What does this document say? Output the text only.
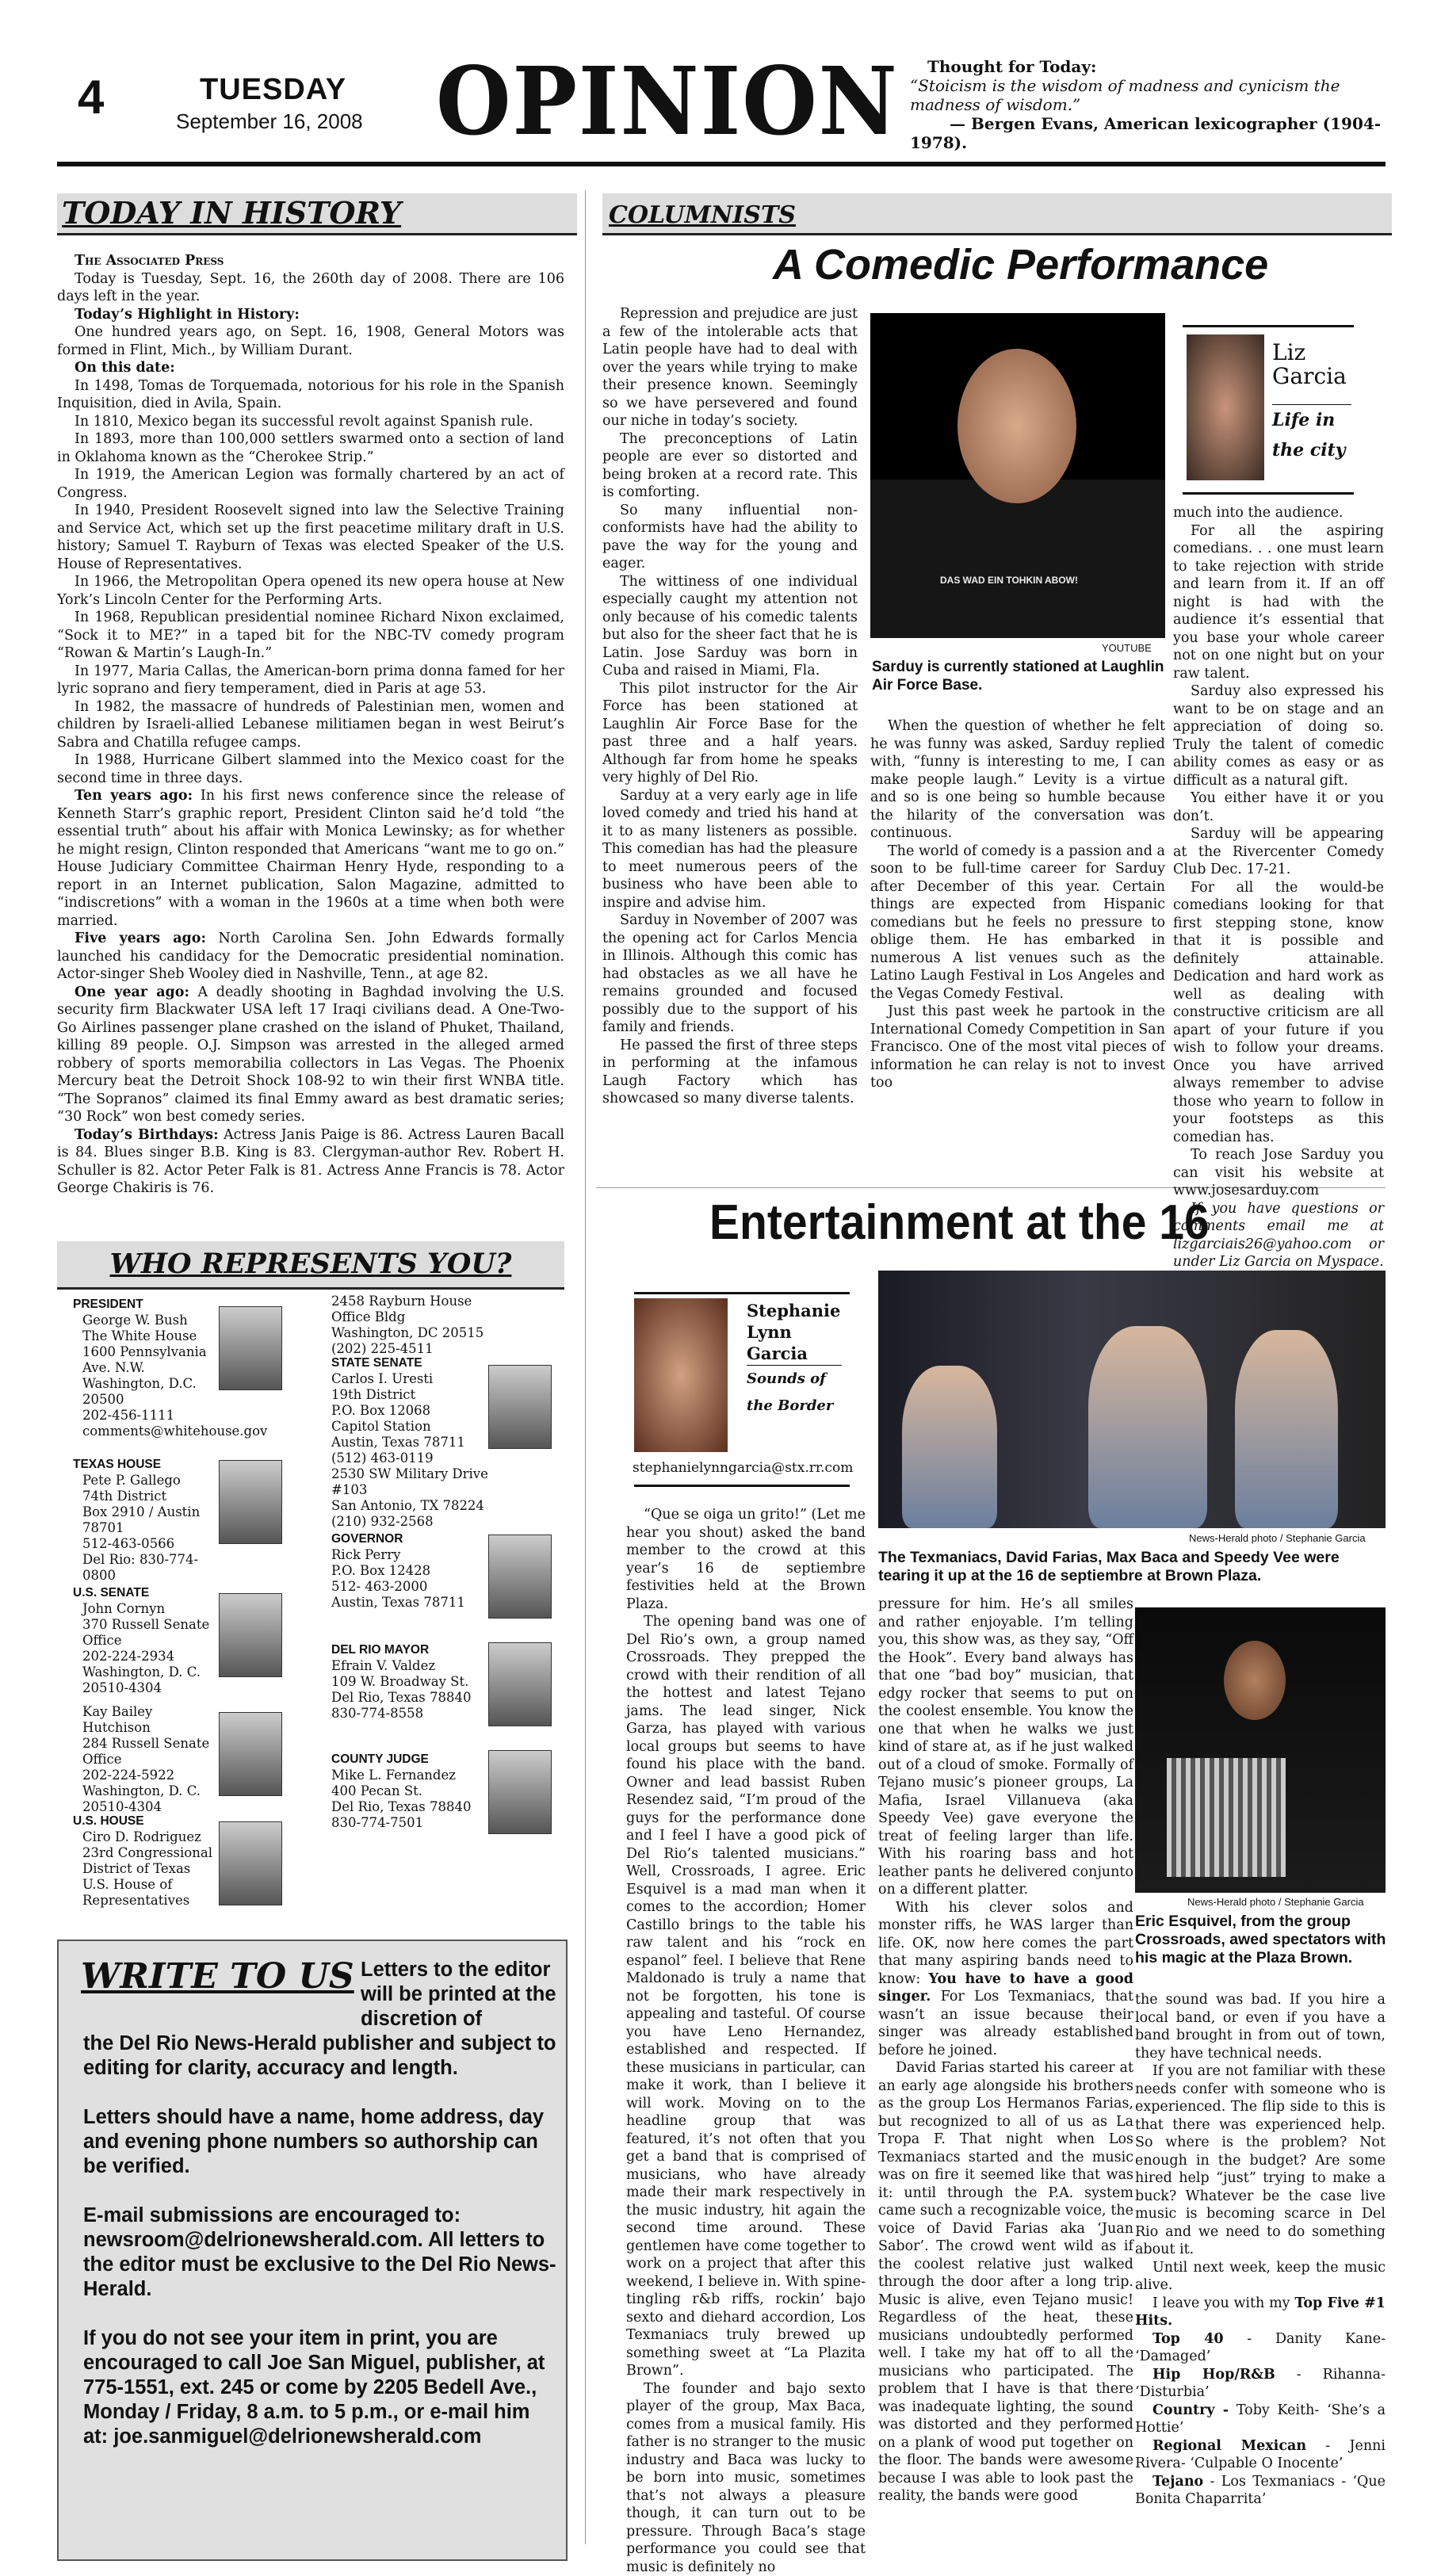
4	TUESDAY
September 16, 2008 OPINION Thought for Today:
“Stoicism is the wisdom of madness and cynicism the madness of wisdom.”
— Bergen Evans, American lexicographer (1904-1978).
TODAY IN HISTORY

The Associated Press

Today is Tuesday, Sept. 16, the 260th day of 2008. There are 106 days left in the year.

Today’s Highlight in History:

One hundred years ago, on Sept. 16, 1908, General Motors was formed in Flint, Mich., by William Durant.

On this date:

In 1498, Tomas de Torquemada, notorious for his role in the Spanish Inquisition, died in Avila, Spain.

In 1810, Mexico began its successful revolt against Spanish rule.

In 1893, more than 100,000 settlers swarmed onto a section of land in Oklahoma known as the “Cherokee Strip.”

In 1919, the American Legion was formally chartered by an act of Congress.

In 1940, President Roosevelt signed into law the Selective Training and Service Act, which set up the first peacetime military draft in U.S. history; Samuel T. Rayburn of Texas was elected Speaker of the U.S. House of Representatives.

In 1966, the Metropolitan Opera opened its new opera house at New York’s Lincoln Center for the Performing Arts.

In 1968, Republican presidential nominee Richard Nixon exclaimed, “Sock it to ME?” in a taped bit for the NBC-TV comedy program “Rowan & Martin’s Laugh-In.”

In 1977, Maria Callas, the American-born prima donna famed for her lyric soprano and fiery temperament, died in Paris at age 53.

In 1982, the massacre of hundreds of Palestinian men, women and children by Israeli-allied Lebanese militiamen began in west Beirut’s Sabra and Chatilla refugee camps.

In 1988, Hurricane Gilbert slammed into the Mexico coast for the second time in three days.

Ten years ago: In his first news conference since the release of Kenneth Starr’s graphic report, President Clinton said he’d told “the essential truth” about his affair with Monica Lewinsky; as for whether he might resign, Clinton responded that Americans “want me to go on.” House Judiciary Committee Chairman Henry Hyde, responding to a report in an Internet publication, Salon Magazine, admitted to “indiscretions” with a woman in the 1960s at a time when both were married.

Five years ago: North Carolina Sen. John Edwards formally launched his candidacy for the Democratic presidential nomination. Actor-singer Sheb Wooley died in Nashville, Tenn., at age 82.

One year ago: A deadly shooting in Baghdad involving the U.S. security firm Blackwater USA left 17 Iraqi civilians dead. A One-Two-Go Airlines passenger plane crashed on the island of Phuket, Thailand, killing 89 people. O.J. Simpson was arrested in the alleged armed robbery of sports memorabilia collectors in Las Vegas. The Phoenix Mercury beat the Detroit Shock 108-92 to win their first WNBA title. “The Sopranos” claimed its final Emmy award as best dramatic series; “30 Rock” won best comedy series.

Today’s Birthdays: Actress Janis Paige is 86. Actress Lauren Bacall is 84. Blues singer B.B. King is 83. Clergyman-author Rev. Robert H. Schuller is 82. Actor Peter Falk is 81. Actress Anne Francis is 78. Actor George Chakiris is 76.

WHO REPRESENTS YOU?
PRESIDENT
George W. Bush
The White House
1600 Pennsylvania Ave. N.W.
Washington, D.C. 20500
202-456-1111
comments@whitehouse.gov
TEXAS HOUSE
Pete P. Gallego
74th District
Box 2910 / Austin 78701
512-463-0566
Del Rio: 830-774-0800
U.S. SENATE
John Cornyn
370 Russell Senate Office
202-224-2934
Washington, D. C. 20510-4304
Kay Bailey Hutchison
284 Russell Senate Office
202-224-5922
Washington, D. C. 20510-4304
U.S. HOUSE
Ciro D. Rodriguez
23rd Congressional District of Texas
U.S. House of Representatives
2458 Rayburn House Office Bldg
Washington, DC 20515
(202) 225-4511
STATE SENATE
Carlos I. Uresti
19th District
P.O. Box 12068
Capitol Station
Austin, Texas 78711
(512) 463-0119
2530 SW Military Drive #103
San Antonio, TX 78224
(210) 932-2568
GOVERNOR
Rick Perry
P.O. Box 12428
512- 463-2000
Austin, Texas 78711
DEL RIO MAYOR
Efrain V. Valdez
109 W. Broadway St.
Del Rio, Texas 78840
830-774-8558
COUNTY JUDGE
Mike L. Fernandez
400 Pecan St.
Del Rio, Texas 78840
830-774-7501
WRITE TO US Letters to the editor will be printed at the discretion of

the Del Rio News-Herald publisher and subject to editing for clarity, accuracy and length.

Letters should have a name, home address, day and evening phone numbers so authorship can be verified.

E-mail submissions are encouraged to: newsroom@delrionewsherald.com. All letters to the editor must be exclusive to the Del Rio News-Herald.

If you do not see your item in print, you are encouraged to call Joe San Miguel, publisher, at 775-1551, ext. 245 or come by 2205 Bedell Ave., Monday / Friday, 8 a.m. to 5 p.m., or e-mail him at: joe.sanmiguel@delrionewsherald.com

COLUMNISTS
A Comedic Performance

Repression and prejudice are just a few of the intolerable acts that Latin people have had to deal with over the years while trying to make their presence known. Seemingly so we have persevered and found our niche in today’s society.

The preconceptions of Latin people are ever so distorted and being broken at a record rate. This is comforting.

So many influential non-conformists have had the ability to pave the way for the young and eager.

The wittiness of one individual especially caught my attention not only because of his comedic talents but also for the sheer fact that he is Latin. Jose Sarduy was born in Cuba and raised in Miami, Fla.

This pilot instructor for the Air Force has been stationed at Laughlin Air Force Base for the past three and a half years. Although far from home he speaks very highly of Del Rio.

Sarduy at a very early age in life loved comedy and tried his hand at it to as many listeners as possible. This comedian has had the pleasure to meet numerous peers of the business who have been able to inspire and advise him.

Sarduy in November of 2007 was the opening act for Carlos Mencia in Illinois. Although this comic has had obstacles as we all have he remains grounded and focused possibly due to the support of his family and friends.

He passed the first of three steps in performing at the infamous Laugh Factory which has showcased so many diverse talents.

DAS WAD EIN TOHKIN ABOW!
YOUTUBE
Sarduy is currently stationed at Laughlin Air Force Base.

When the question of whether he felt he was funny was asked, Sarduy replied with, “funny is interesting to me, I can make people laugh.” Levity is a virtue and so is one being so humble because the hilarity of the conversation was continuous.

The world of comedy is a passion and a soon to be full-time career for Sarduy after December of this year. Certain things are expected from Hispanic comedians but he feels no pressure to oblige them. He has embarked in numerous A list venues such as the Latino Laugh Festival in Los Angeles and the Vegas Comedy Festival.

Just this past week he partook in the International Comedy Competition in San Francisco. One of the most vital pieces of information he can relay is not to invest too

Liz Garcia
Life in the city

much into the audience.

For all the aspiring comedians. . . one must learn to take rejection with stride and learn from it. If an off night is had with the audience it’s essential that you base your whole career not on one night but on your raw talent.

Sarduy also expressed his want to be on stage and an appreciation of doing so. Truly the talent of comedic ability comes as easy or as difficult as a natural gift.

You either have it or you don’t.

Sarduy will be appearing at the Rivercenter Comedy Club Dec. 17-21.

For all the would-be comedians looking for that first stepping stone, know that it is possible and definitely attainable. Dedication and hard work as well as dealing with constructive criticism are all apart of your future if you wish to follow your dreams. Once you have arrived always remember to advise those who yearn to follow in your footsteps as this comedian has.

To reach Jose Sarduy you can visit his website at www.josesarduy.com

If you have questions or comments email me at lizgarciais26@yahoo.com or under Liz Garcia on Myspace.

Entertainment at the 16
Stephanie Lynn Garcia
Sounds of the Border
stephanielynngarcia@stx.rr.com
News-Herald photo / Stephanie Garcia
The Texmaniacs, David Farias, Max Baca and Speedy Vee were tearing it up at the 16 de septiembre at Brown Plaza.

“Que se oiga un grito!” (Let me hear you shout) asked the band member to the crowd at this year’s 16 de septiembre festivities held at the Brown Plaza.

The opening band was one of Del Rio’s own, a group named Crossroads. They prepped the crowd with their rendition of all the hottest and latest Tejano jams. The lead singer, Nick Garza, has played with various local groups but seems to have found his place with the band. Owner and lead bassist Ruben Resendez said, “I’m proud of the guys for the performance done and I feel I have a good pick of Del Rio’s talented musicians.” Well, Crossroads, I agree. Eric Esquivel is a mad man when it comes to the accordion; Homer Castillo brings to the table his raw talent and his “rock en espanol” feel. I believe that Rene Maldonado is truly a name that not be forgotten, his tone is appealing and tasteful. Of course you have Leno Hernandez, established and respected. If these musicians in particular, can make it work, than I believe it will work. Moving on to the headline group that was featured, it’s not often that you get a band that is comprised of musicians, who have already made their mark respectively in the music industry, hit again the second time around. These gentlemen have come together to work on a project that after this weekend, I believe in. With spine-tingling r&b riffs, rockin’ bajo sexto and diehard accordion, Los Texmaniacs truly brewed up something sweet at “La Plazita Brown”.

The founder and bajo sexto player of the group, Max Baca, comes from a musical family. His father is no stranger to the music industry and Baca was lucky to be born into music, sometimes that’s not always a pleasure though, it can turn out to be pressure. Through Baca’s stage performance you could see that music is definitely no

pressure for him. He’s all smiles and rather enjoyable. I’m telling you, this show was, as they say, “Off the Hook”. Every band always has that one “bad boy” musician, that edgy rocker that seems to put on the coolest ensemble. You know the one that when he walks we just kind of stare at, as if he just walked out of a cloud of smoke. Formally of Tejano music’s pioneer groups, La Mafia, Israel Villanueva (aka Speedy Vee) gave everyone the treat of feeling larger than life. With his roaring bass and hot leather pants he delivered conjunto on a different platter.

With his clever solos and monster riffs, he WAS larger than life. OK, now here comes the part that many aspiring bands need to know: You have to have a good singer. For Los Texmaniacs, that wasn’t an issue because their singer was already established before he joined.

David Farias started his career at an early age alongside his brothers as the group Los Hermanos Farias, but recognized to all of us as La Tropa F. That night when Los Texmaniacs started and the music was on fire it seemed like that was it: until through the P.A. system came such a recognizable voice, the voice of David Farias aka ‘Juan Sabor’. The crowd went wild as if the coolest relative just walked through the door after a long trip. Music is alive, even Tejano music! Regardless of the heat, these musicians undoubtedly performed well. I take my hat off to all the musicians who participated. The problem that I have is that there was inadequate lighting, the sound was distorted and they performed on a plank of wood put together on the floor. The bands were awesome because I was able to look past the reality, the bands were good

News-Herald photo / Stephanie Garcia
Eric Esquivel, from the group Crossroads, awed spectators with his magic at the Plaza Brown.

the sound was bad. If you hire a local band, or even if you have a band brought in from out of town, they have technical needs.

If you are not familiar with these needs confer with someone who is experienced. The flip side to this is that there was experienced help. So where is the problem? Not enough in the budget? Are some hired help “just” trying to make a buck? Whatever be the case live music is becoming scarce in Del Rio and we need to do something about it.

Until next week, keep the music alive.

I leave you with my Top Five #1 Hits.

Top 40 - Danity Kane- ‘Damaged’

Hip Hop/R&B - Rihanna- ‘Disturbia’

Country - Toby Keith- ‘She’s a Hottie’

Regional Mexican - Jenni Rivera- ‘Culpable O Inocente’

Tejano - Los Texmaniacs - ‘Que Bonita Chaparrita’
